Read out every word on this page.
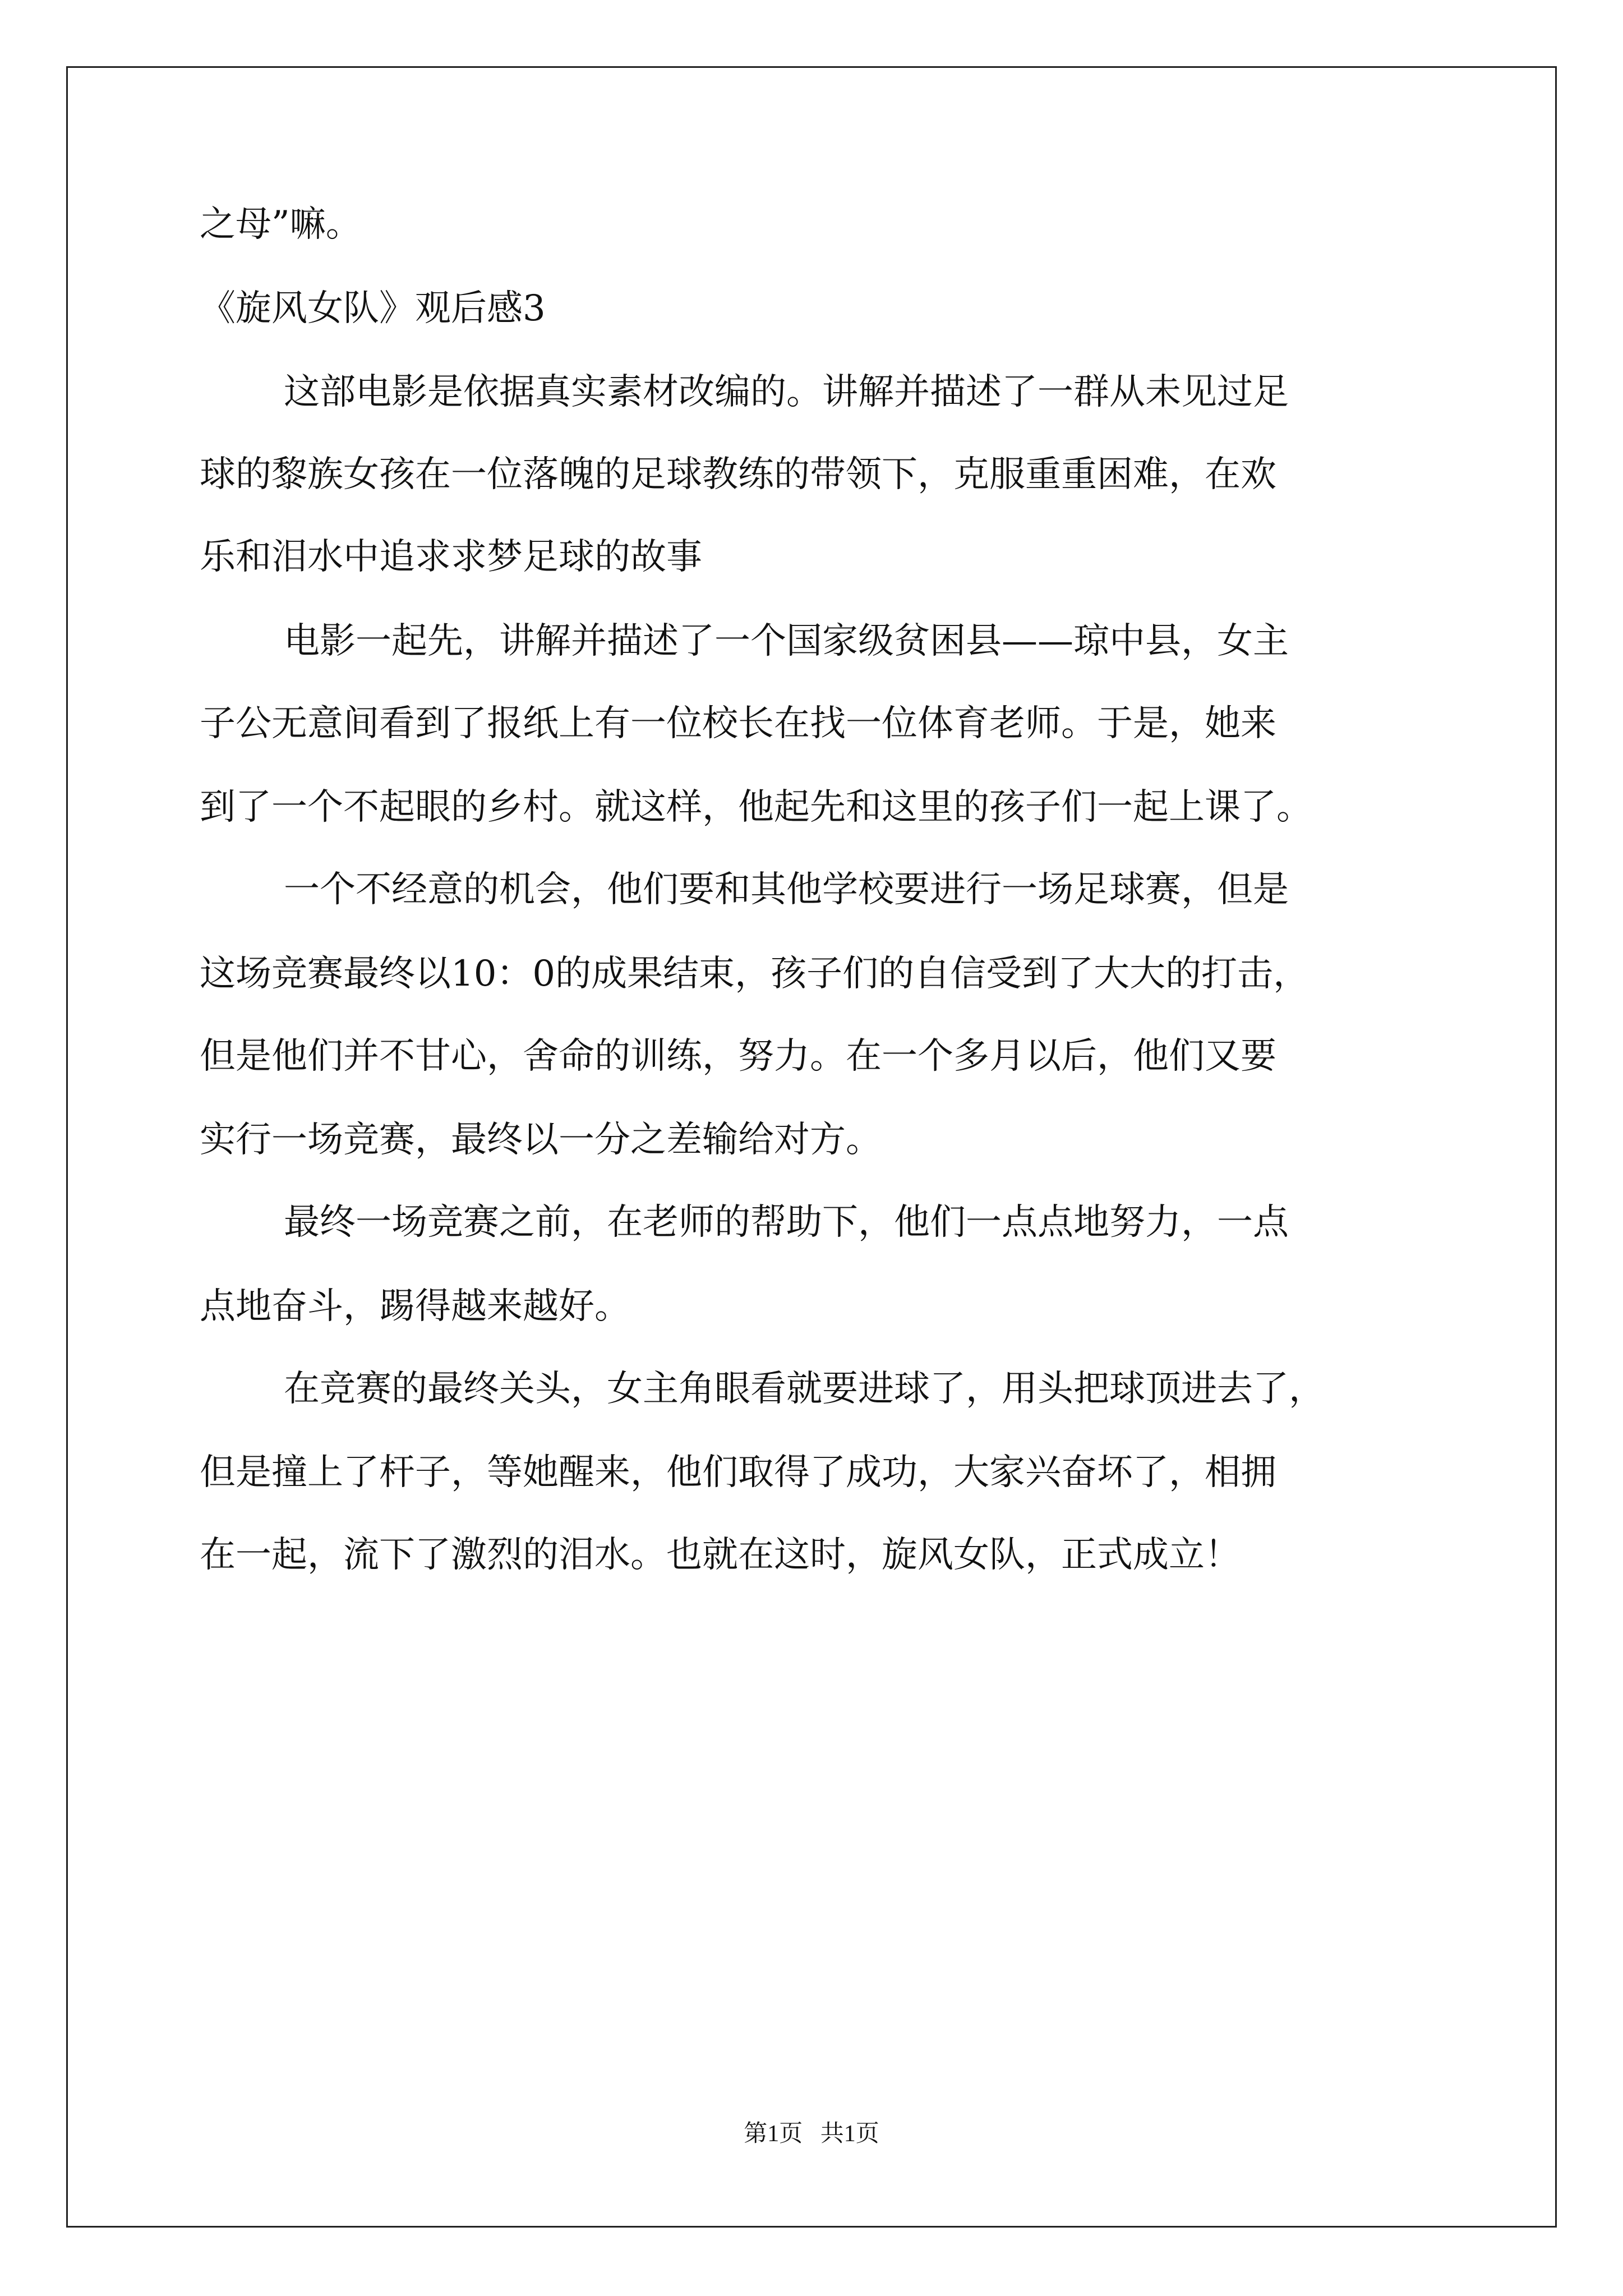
之母”嘛。
《旋风女队》观后感3
这部电影是依据真实素材改编的。讲解并描述了一群从未见过足
球的黎族女孩在一位落魄的足球教练的带领下，克服重重困难，在欢
乐和泪水中追求求梦足球的故事
电影一起先，讲解并描述了一个国家级贫困县——琼中县，女主
子公无意间看到了报纸上有一位校长在找一位体育老师。于是，她来
到了一个不起眼的乡村。就这样，他起先和这里的孩子们一起上课了。
一个不经意的机会，他们要和其他学校要进行一场足球赛，但是
这场竞赛最终以10：0的成果结束，孩子们的自信受到了大大的打击，
但是他们并不甘心，舍命的训练，努力。在一个多月以后，他们又要
实行一场竞赛，最终以一分之差输给对方。
最终一场竞赛之前，在老师的帮助下，他们一点点地努力，一点
点地奋斗，踢得越来越好。
在竞赛的最终关头，女主角眼看就要进球了，用头把球顶进去了，
但是撞上了杆子，等她醒来，他们取得了成功，大家兴奋坏了，相拥
在一起，流下了激烈的泪水。也就在这时，旋风女队，正式成立！
第1页   共1页
